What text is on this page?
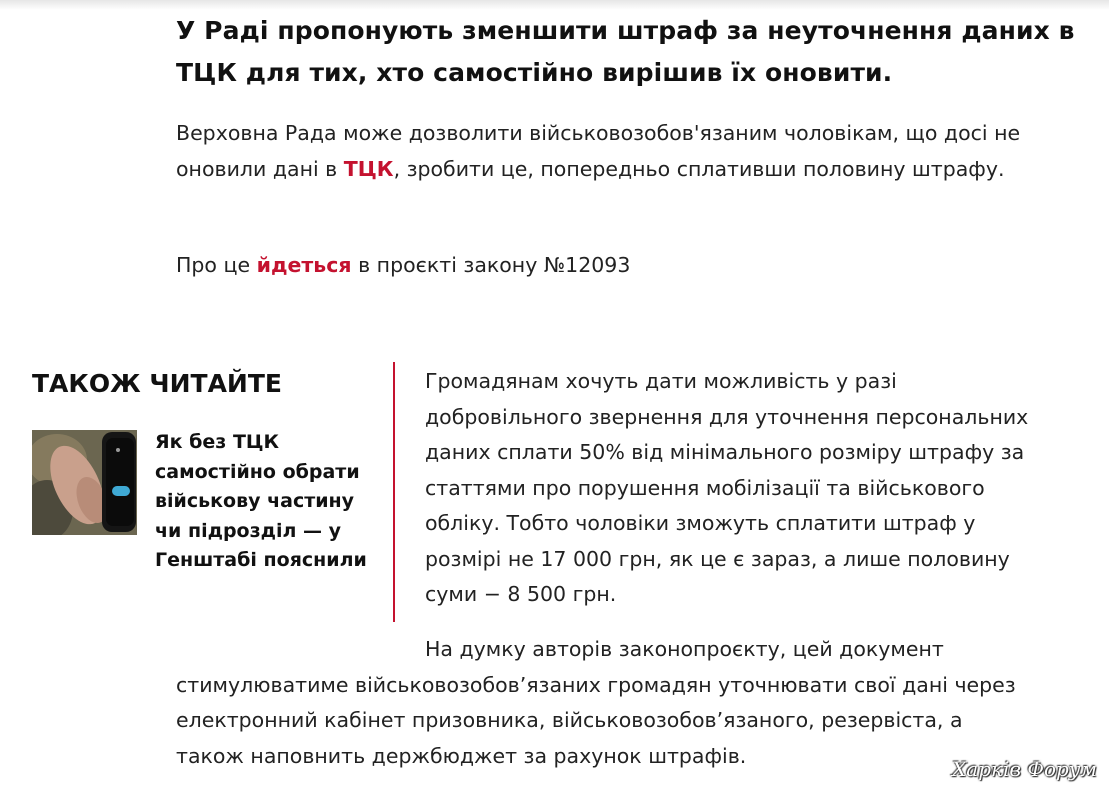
У Раді пропонують зменшити штраф за неуточнення даних в ТЦК для тих, хто самостійно вирішив їх оновити.

Верховна Рада може дозволити військовозобов'язаним чоловікам, що досі не оновили дані в ТЦК, зробити це, попередньо сплативши половину штрафу.

Про це йдеться в проєкті закону №12093

ТАКОЖ ЧИТАЙТЕ

Як без ТЦК самостійно обрати військову частину чи підрозділ — у Генштабі пояснили

Громадянам хочуть дати можливість у разі добровільного звернення для уточнення персональних даних сплати 50% від мінімального розміру штрафу за статтями про порушення мобілізації та військового обліку. Тобто чоловіки зможуть сплатити штраф у розмірі не 17 000 грн, як це є зараз, а лише половину суми − 8 500 грн.

На думку авторів законопроєкту, цей документ стимулюватиме військовозобов’язаних громадян уточнювати свої дані через електронний кабінет призовника, військовозобов’язаного, резервіста, а також наповнить держбюджет за рахунок штрафів.

Харків Форум
